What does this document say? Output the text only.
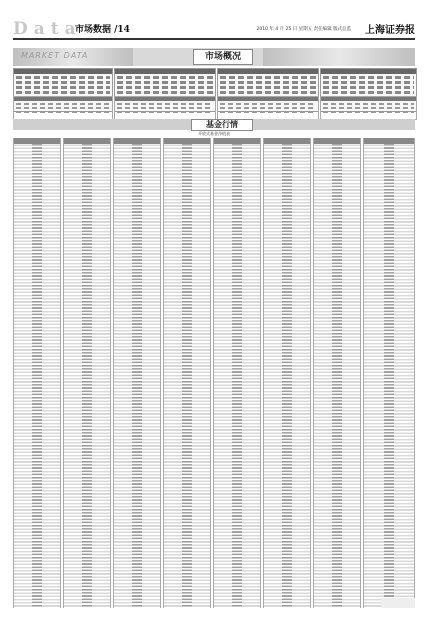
Data
市场数据 /14	2010 年 4 月 25 日 星期五 责任编辑 版式总监 上海证券报
MARKET DATA	市场概况
基金行情
开放式基金净值表
